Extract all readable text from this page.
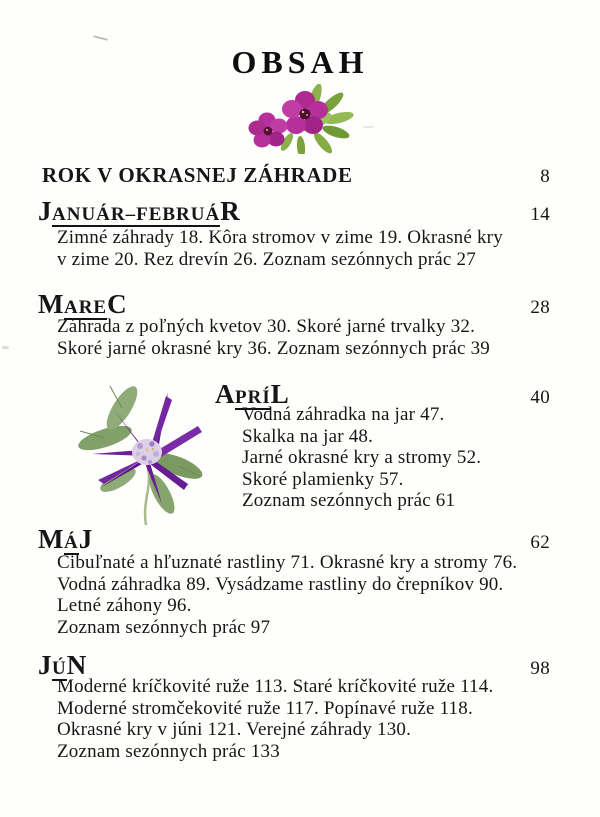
OBSAH
ROK V OKRASNEJ ZÁHRADE	8
JANUÁR–FEBRUÁR	14
Zimné záhrady 18. Kôra stromov v zime 19. Okrasné kry
v zime 20. Rez drevín 26. Zoznam sezónnych prác 27
MAREC	28
Záhrada z poľných kvetov 30. Skoré jarné trvalky 32.
Skoré jarné okrasné kry 36. Zoznam sezónnych prác 39
APRÍL	40
Vodná záhradka na jar 47.
Skalka na jar 48.
Jarné okrasné kry a stromy 52.
Skoré plamienky 57.
Zoznam sezónnych prác 61
MÁJ	62
Cibuľnaté a hľuznaté rastliny 71. Okrasné kry a stromy 76.
Vodná záhradka 89. Vysádzame rastliny do črepníkov 90.
Letné záhony 96.
Zoznam sezónnych prác 97
JÚN	98
Moderné kríčkovité ruže 113. Staré kríčkovité ruže 114.
Moderné stromčekovité ruže 117. Popínavé ruže 118.
Okrasné kry v júni 121. Verejné záhrady 130.
Zoznam sezónnych prác 133
